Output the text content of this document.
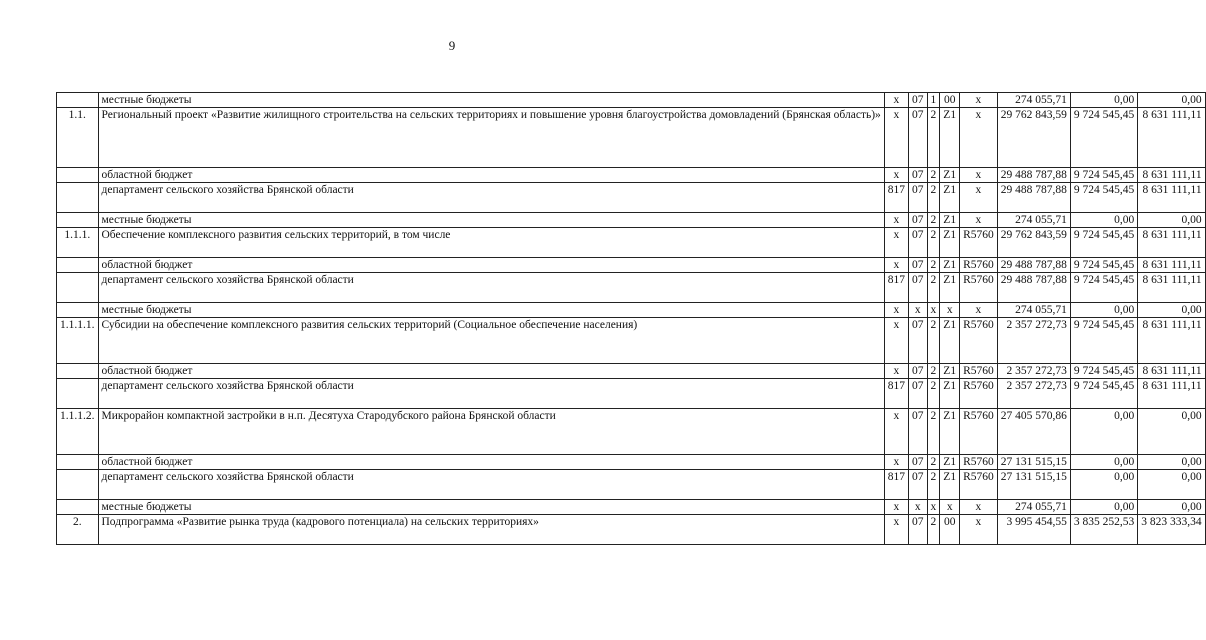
9
	местные бюджеты	х	07	1	00	х	274 055,71	0,00	0,00
1.1.	Региональный проект «Развитие жилищного строительства на сельских территориях и повышение уровня благоустройства домовладений (Брянская область)»	х	07	2	Z1	х	29 762 843,59	9 724 545,45	8 631 111,11
	областной бюджет	х	07	2	Z1	х	29 488 787,88	9 724 545,45	8 631 111,11
	департамент сельского хозяйства Брянской области	817	07	2	Z1	х	29 488 787,88	9 724 545,45	8 631 111,11
	местные бюджеты	х	07	2	Z1	х	274 055,71	0,00	0,00
1.1.1.	Обеспечение комплексного развития сельских территорий, в том числе	х	07	2	Z1	R5760	29 762 843,59	9 724 545,45	8 631 111,11
	областной бюджет	х	07	2	Z1	R5760	29 488 787,88	9 724 545,45	8 631 111,11
	департамент сельского хозяйства Брянской области	817	07	2	Z1	R5760	29 488 787,88	9 724 545,45	8 631 111,11
	местные бюджеты	х	х	х	х	х	274 055,71	0,00	0,00
1.1.1.1.	Субсидии на обеспечение комплексного развития сельских территорий (Социальное обеспечение населения)	х	07	2	Z1	R5760	2 357 272,73	9 724 545,45	8 631 111,11
	областной бюджет	х	07	2	Z1	R5760	2 357 272,73	9 724 545,45	8 631 111,11
	департамент сельского хозяйства Брянской области	817	07	2	Z1	R5760	2 357 272,73	9 724 545,45	8 631 111,11
1.1.1.2.	Микрорайон компактной застройки в н.п. Десятуха Стародубского района Брянской области	х	07	2	Z1	R5760	27 405 570,86	0,00	0,00
	областной бюджет	х	07	2	Z1	R5760	27 131 515,15	0,00	0,00
	департамент сельского хозяйства Брянской области	817	07	2	Z1	R5760	27 131 515,15	0,00	0,00
	местные бюджеты	х	х	х	х	х	274 055,71	0,00	0,00
2.	Подпрограмма «Развитие рынка труда (кадрового потенциала) на сельских территориях»	х	07	2	00	х	3 995 454,55	3 835 252,53	3 823 333,34
